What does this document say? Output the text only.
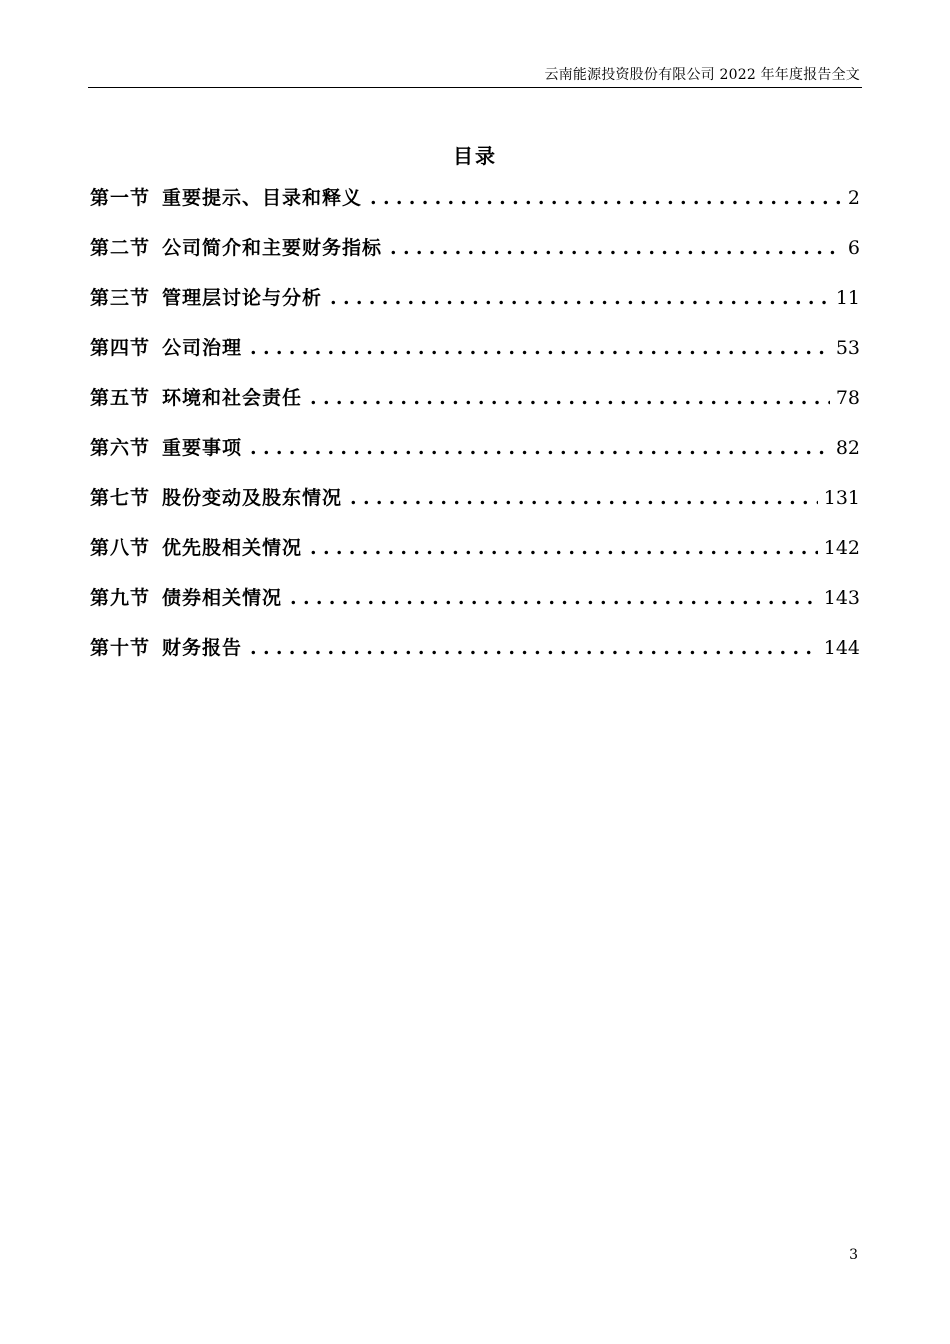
云南能源投资股份有限公司 2022 年年度报告全文
目录
第一节 重要提示、目录和释义 .....	2
第二节 公司简介和主要财务指标 .....	6
第三节 管理层讨论与分析 .....	11
第四节 公司治理 .....	53
第五节 环境和社会责任 .....	78
第六节 重要事项 .....	82
第七节 股份变动及股东情况 .....	131
第八节 优先股相关情况 .....	142
第九节 债券相关情况 .....	143
第十节 财务报告 .....	144
3
